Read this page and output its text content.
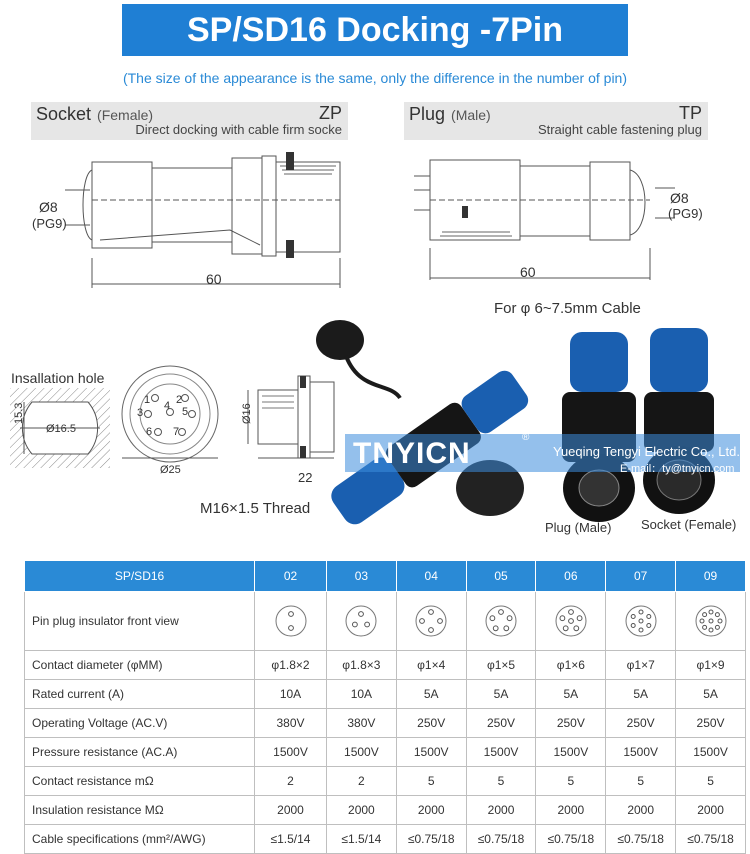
SP/SD16 Docking -7Pin
(The size of the appearance is the same, only the difference in the number of pin)
Socket (Female)	ZP
Direct docking with cable firm socke
Plug (Male)	TP
Straight cable fastening plug
Ø8
(PG9)
60
Ø8
(PG9)
60
For φ 6~7.5mm Cable
Insallation hole
15.3
Ø16.5
1 2
3
4 5
6 7
Ø25
Ø16
22
M16×1.5 Thread
TNYICN	®
Yueqing Tengyi Electric Co., Ltd.
E-mail：ty@tnyicn.com
Plug (Male) Socket (Female)
SP/SD16	02	03	04	05	06	07	09
Pin plug insulator front view	

Contact diameter (φMM)	φ1.8×2	φ1.8×3	φ1×4	φ1×5	φ1×6	φ1×7	φ1×9
Rated current (A)	10A	10A	5A	5A	5A	5A	5A
Operating Voltage (AC.V)	380V	380V	250V	250V	250V	250V	250V
Pressure resistance (AC.A)	1500V	1500V	1500V	1500V	1500V	1500V	1500V
Contact resistance mΩ	2	2	5	5	5	5	5
Insulation resistance MΩ	2000	2000	2000	2000	2000	2000	2000
Cable specifications (mm²/AWG)	≤1.5/14	≤1.5/14	≤0.75/18	≤0.75/18	≤0.75/18	≤0.75/18	≤0.75/18
